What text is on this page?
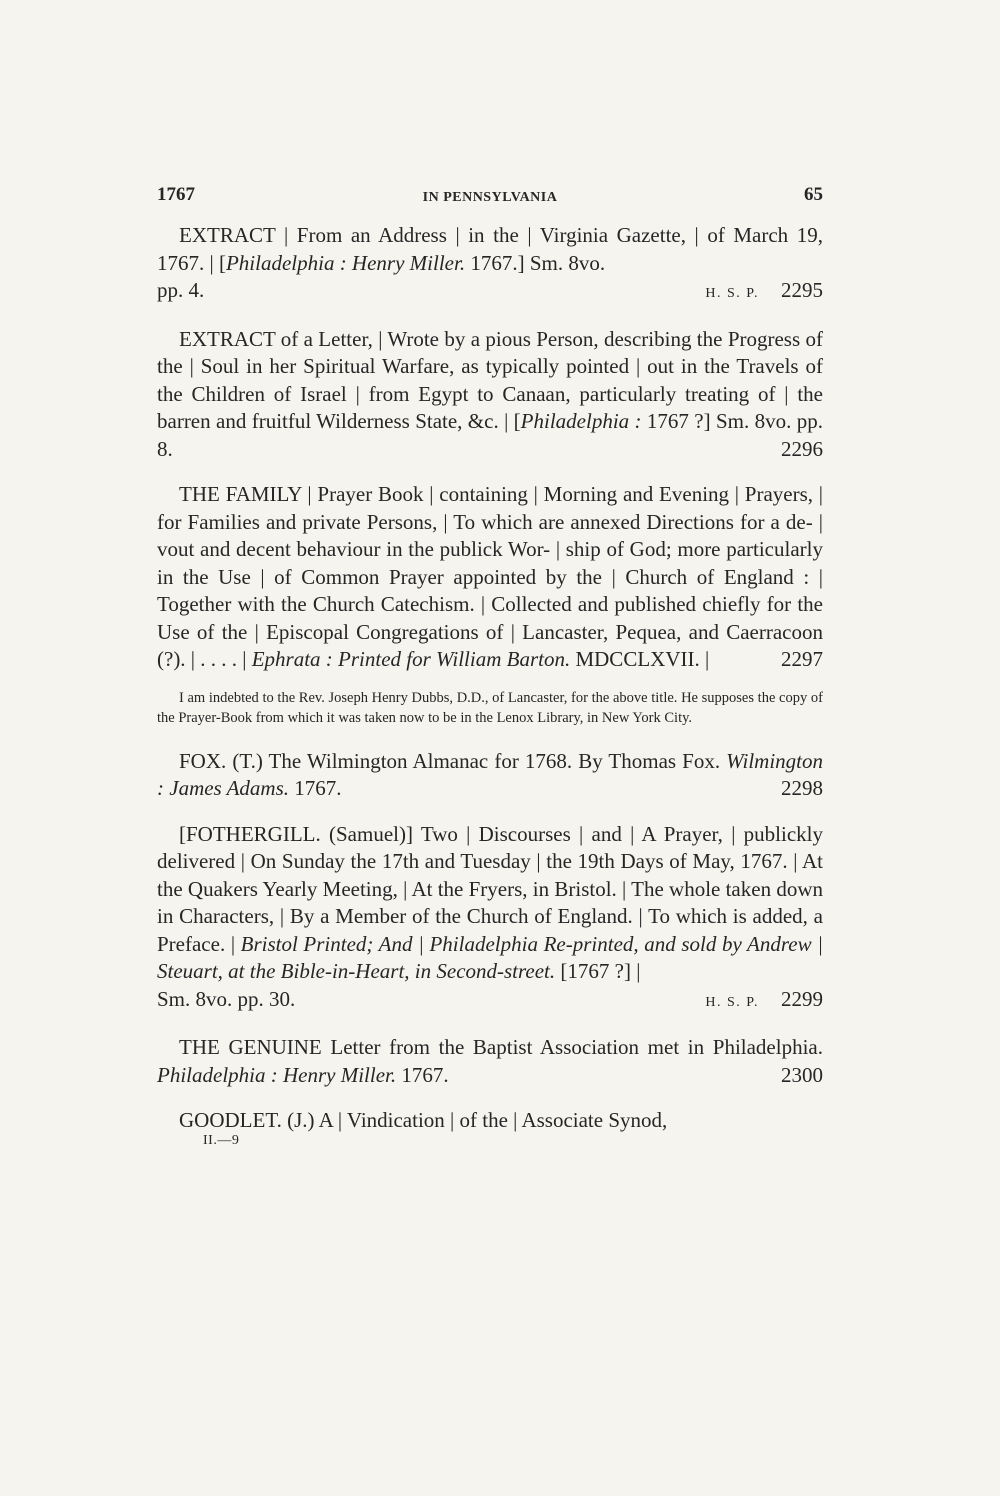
1767	IN PENNSYLVANIA	65

EXTRACT | From an Address | in the | Virginia Gazette, | of March 19, 1767. | [Philadelphia : Henry Miller. 1767.] Sm. 8vo.

pp. 4.	H. S. P. 2295

EXTRACT of a Letter, | Wrote by a pious Person, describing the Progress of the | Soul in her Spiritual Warfare, as typically pointed | out in the Travels of the Children of Israel | from Egypt to Canaan, particularly treating of | the barren and fruitful Wilderness State, &c. | [Philadelphia : 1767 ?] Sm. 8vo. pp. 8.	2296

THE FAMILY | Prayer Book | containing | Morning and Evening | Prayers, | for Families and private Persons, | To which are annexed Directions for a de- | vout and decent behaviour in the publick Wor- | ship of God; more particularly in the Use | of Common Prayer appointed by the | Church of England : | Together with the Church Catechism. | Collected and published chiefly for the Use of the | Episcopal Congregations of | Lancaster, Pequea, and Caerracoon (?). | . . . . | Ephrata : Printed for William Barton. MDCCLXVII. |	2297

I am indebted to the Rev. Joseph Henry Dubbs, D.D., of Lancaster, for the above title. He supposes the copy of the Prayer-Book from which it was taken now to be in the Lenox Library, in New York City.

FOX. (T.) The Wilmington Almanac for 1768. By Thomas Fox. Wilmington : James Adams. 1767.	2298

[FOTHERGILL. (Samuel)] Two | Discourses | and | A Prayer, | publickly delivered | On Sunday the 17th and Tuesday | the 19th Days of May, 1767. | At the Quakers Yearly Meeting, | At the Fryers, in Bristol. | The whole taken down in Characters, | By a Member of the Church of England. | To which is added, a Preface. | Bristol Printed; And | Philadelphia Re-printed, and sold by Andrew | Steuart, at the Bible-in-Heart, in Second-street. [1767 ?] |

Sm. 8vo. pp. 30.	H. S. P. 2299

THE GENUINE Letter from the Baptist Association met in Philadelphia. Philadelphia : Henry Miller. 1767.	2300

GOODLET. (J.) A | Vindication | of the | Associate Synod,

II.—9
